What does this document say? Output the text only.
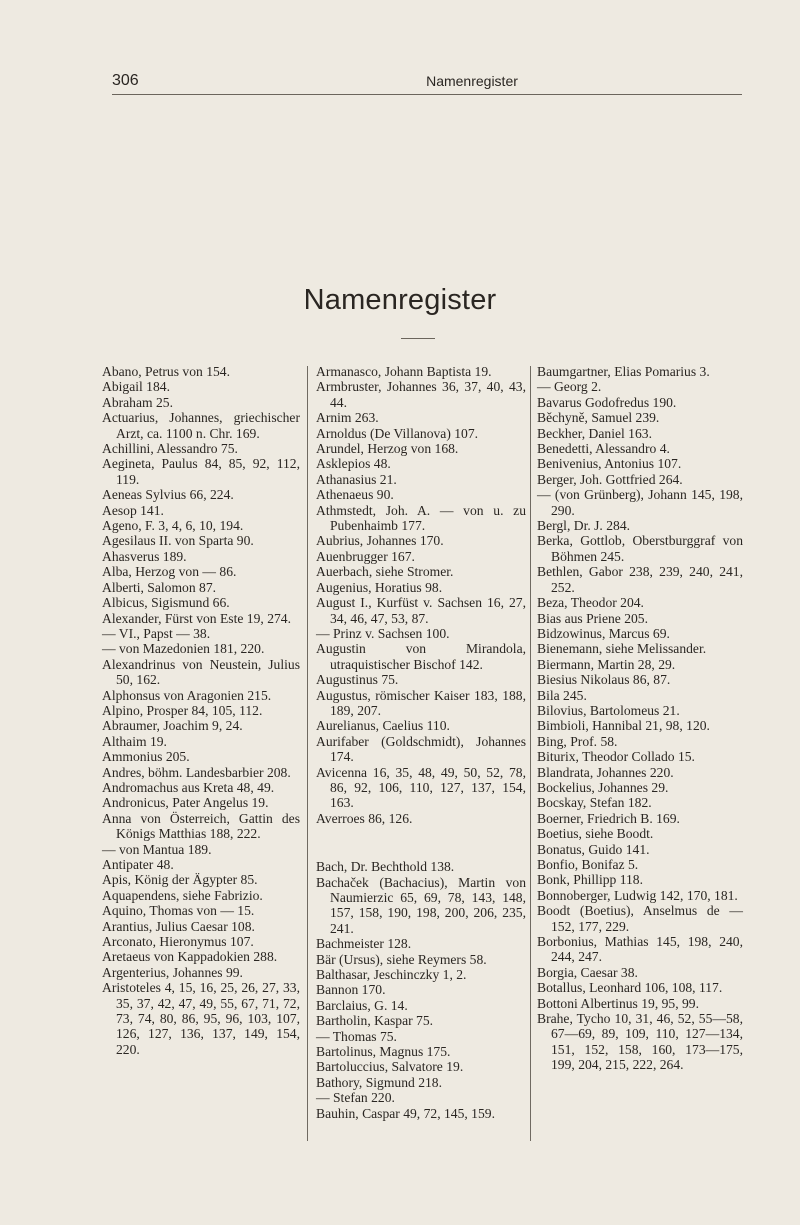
306	Namenregister
Namenregister
Abano, Petrus von 154.
Abigail 184.
Abraham 25.
Actuarius, Johannes, griechischer Arzt, ca. 1100 n. Chr. 169.
Achillini, Alessandro 75.
Aegineta, Paulus 84, 85, 92, 112, 119.
Aeneas Sylvius 66, 224.
Aesop 141.
Ageno, F. 3, 4, 6, 10, 194.
Agesilaus II. von Sparta 90.
Ahasverus 189.
Alba, Herzog von — 86.
Alberti, Salomon 87.
Albicus, Sigismund 66.
Alexander, Fürst von Este 19, 274.
— VI., Papst — 38.
— von Mazedonien 181, 220.
Alexandrinus von Neustein, Julius 50, 162.
Alphonsus von Aragonien 215.
Alpino, Prosper 84, 105, 112.
Abraumer, Joachim 9, 24.
Althaim 19.
Ammonius 205.
Andres, böhm. Landesbarbier 208.
Andromachus aus Kreta 48, 49.
Andronicus, Pater Angelus 19.
Anna von Österreich, Gattin des Königs Matthias 188, 222.
— von Mantua 189.
Antipater 48.
Apis, König der Ägypter 85.
Aquapendens, siehe Fabrizio.
Aquino, Thomas von — 15.
Arantius, Julius Caesar 108.
Arconato, Hieronymus 107.
Aretaeus von Kappadokien 288.
Argenterius, Johannes 99.
Aristoteles 4, 15, 16, 25, 26, 27, 33, 35, 37, 42, 47, 49, 55, 67, 71, 72, 73, 74, 80, 86, 95, 96, 103, 107, 126, 127, 136, 137, 149, 154, 220.
Armanasco, Johann Baptista 19.
Armbruster, Johannes 36, 37, 40, 43, 44.
Arnim 263.
Arnoldus (De Villanova) 107.
Arundel, Herzog von 168.
Asklepios 48.
Athanasius 21.
Athenaeus 90.
Athmstedt, Joh. A. — von u. zu Pubenhaimb 177.
Aubrius, Johannes 170.
Auenbrugger 167.
Auerbach, siehe Stromer.
Augenius, Horatius 98.
August I., Kurfüst v. Sachsen 16, 27, 34, 46, 47, 53, 87.
— Prinz v. Sachsen 100.
Augustin von Mirandola, utraquistischer Bischof 142.
Augustinus 75.
Augustus, römischer Kaiser 183, 188, 189, 207.
Aurelianus, Caelius 110.
Aurifaber (Goldschmidt), Johannes 174.
Avicenna 16, 35, 48, 49, 50, 52, 78, 86, 92, 106, 110, 127, 137, 154, 163.
Averroes 86, 126.
Bach, Dr. Bechthold 138.
Bachaček (Bachacius), Martin von Naumierzic 65, 69, 78, 143, 148, 157, 158, 190, 198, 200, 206, 235, 241.
Bachmeister 128.
Bär (Ursus), siehe Reymers 58.
Balthasar, Jeschinczky 1, 2.
Bannon 170.
Barclaius, G. 14.
Bartholin, Kaspar 75.
— Thomas 75.
Bartolinus, Magnus 175.
Bartoluccius, Salvatore 19.
Bathory, Sigmund 218.
— Stefan 220.
Bauhin, Caspar 49, 72, 145, 159.
Baumgartner, Elias Pomarius 3.
— Georg 2.
Bavarus Godofredus 190.
Běchyně, Samuel 239.
Beckher, Daniel 163.
Benedetti, Alessandro 4.
Benivenius, Antonius 107.
Berger, Joh. Gottfried 264.
— (von Grünberg), Johann 145, 198, 290.
Bergl, Dr. J. 284.
Berka, Gottlob, Oberstburggraf von Böhmen 245.
Bethlen, Gabor 238, 239, 240, 241, 252.
Beza, Theodor 204.
Bias aus Priene 205.
Bidzowinus, Marcus 69.
Bienemann, siehe Melissander.
Biermann, Martin 28, 29.
Biesius Nikolaus 86, 87.
Bila 245.
Bilovius, Bartolomeus 21.
Bimbioli, Hannibal 21, 98, 120.
Bing, Prof. 58.
Biturix, Theodor Collado 15.
Blandrata, Johannes 220.
Bockelius, Johannes 29.
Bocskay, Stefan 182.
Boerner, Friedrich B. 169.
Boetius, siehe Boodt.
Bonatus, Guido 141.
Bonfio, Bonifaz 5.
Bonk, Phillipp 118.
Bonnoberger, Ludwig 142, 170, 181.
Boodt (Boetius), Anselmus de — 152, 177, 229.
Borbonius, Mathias 145, 198, 240, 244, 247.
Borgia, Caesar 38.
Botallus, Leonhard 106, 108, 117.
Bottoni Albertinus 19, 95, 99.
Brahe, Tycho 10, 31, 46, 52, 55—58, 67—69, 89, 109, 110, 127—134, 151, 152, 158, 160, 173—175, 199, 204, 215, 222, 264.
